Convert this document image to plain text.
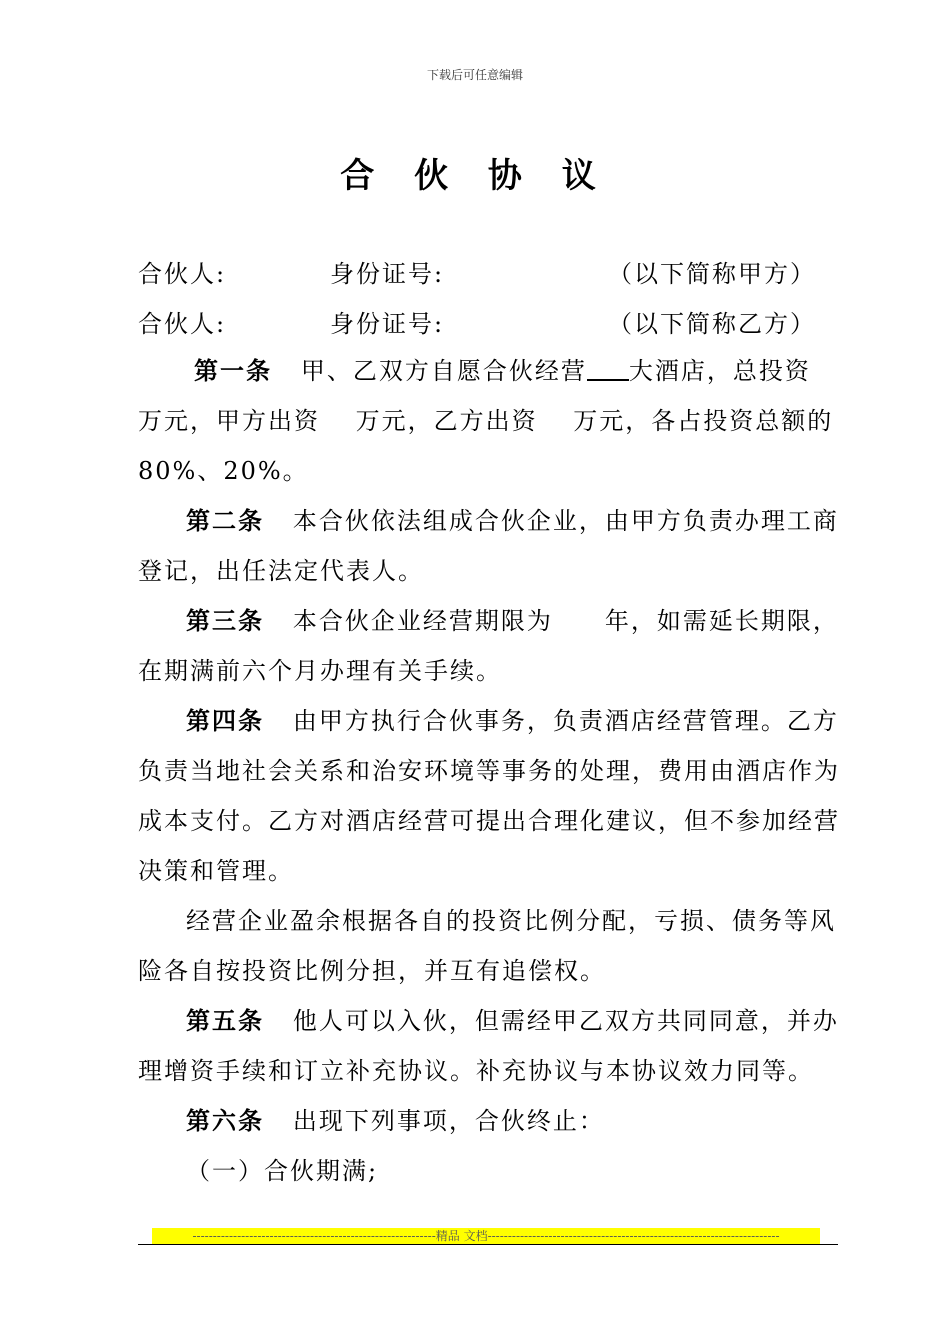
下载后可任意编辑
合 伙 协 议
合伙人:	身份证号:	（以下简称甲方）
合伙人:	身份证号:	（以下简称乙方）
第一条 甲、乙双方自愿合伙经营 大酒店，总投资
万元，甲方出资　 万元，乙方出资　 万元，各占投资总额的
80%、20%。
第二条 本合伙依法组成合伙企业，由甲方负责办理工商
登记，出任法定代表人。
第三条 本合伙企业经营期限为　　年，如需延长期限，
在期满前六个月办理有关手续。
第四条 由甲方执行合伙事务，负责酒店经营管理。乙方
负责当地社会关系和治安环境等事务的处理，费用由酒店作为
成本支付。乙方对酒店经营可提出合理化建议，但不参加经营
决策和管理。
经营企业盈余根据各自的投资比例分配，亏损、债务等风
险各自按投资比例分担，并互有追偿权。
第五条 他人可以入伙，但需经甲乙双方共同同意，并办
理增资手续和订立补充协议。补充协议与本协议效力同等。
第六条 出现下列事项，合伙终止：
（一）合伙期满;
------------------------------------------------------------精品 文档------------------------------------------------------------------------
